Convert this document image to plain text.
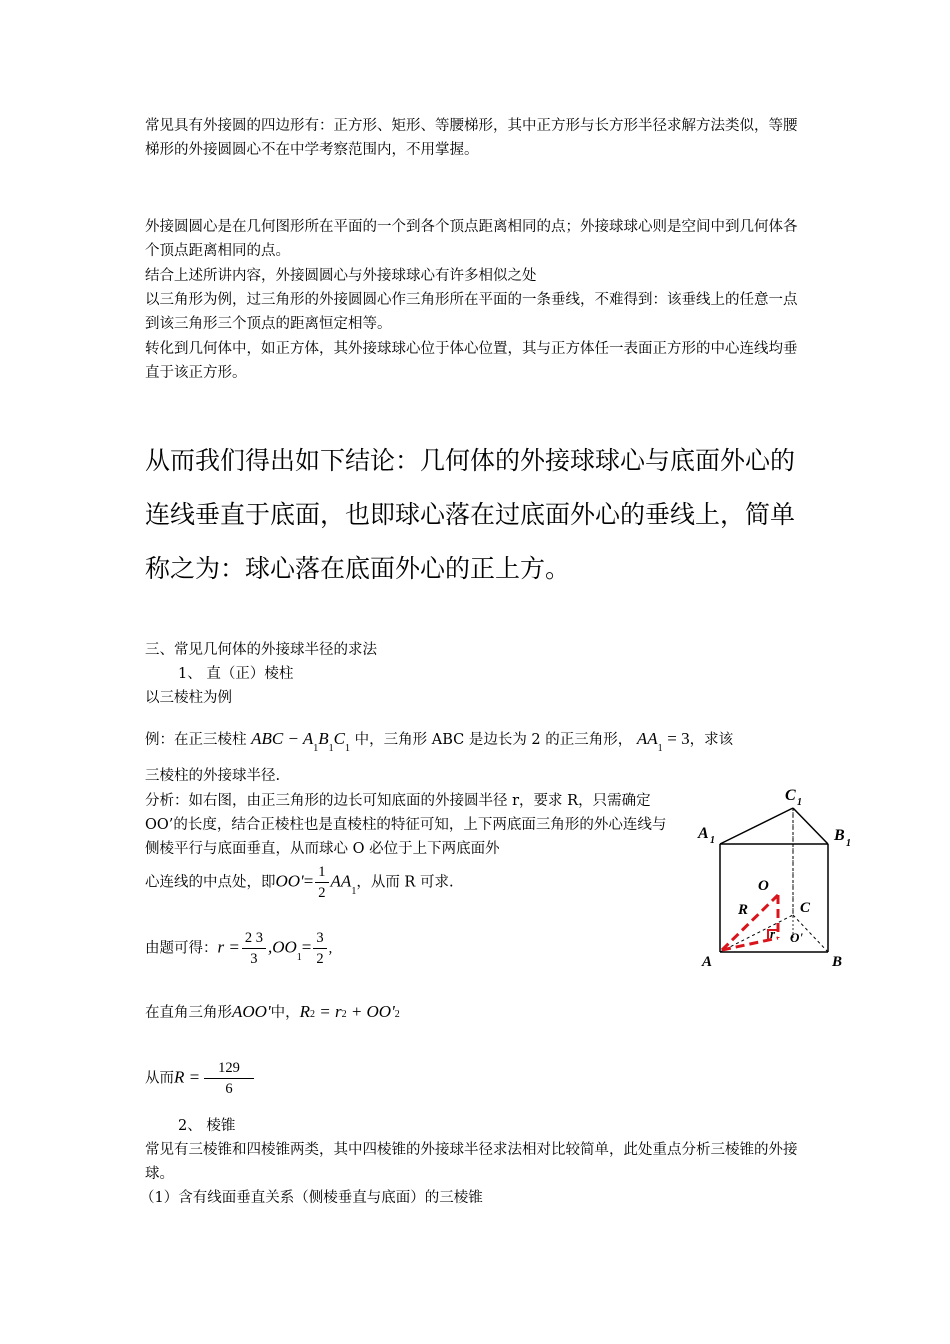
常见具有外接圆的四边形有：正方形、矩形、等腰梯形，其中正方形与长方形半径求解方法类似，等腰梯形的外接圆圆心不在中学考察范围内，不用掌握。

外接圆圆心是在几何图形所在平面的一个到各个顶点距离相同的点；外接球球心则是空间中到几何体各个顶点距离相同的点。

结合上述所讲内容，外接圆圆心与外接球球心有许多相似之处

以三角形为例，过三角形的外接圆圆心作三角形所在平面的一条垂线，不难得到：该垂线上的任意一点到该三角形三个顶点的距离恒定相等。

转化到几何体中，如正方体，其外接球球心位于体心位置，其与正方体任一表面正方形的中心连线均垂直于该正方形。

从而我们得出如下结论：几何体的外接球球心与底面外心的连线垂直于底面，也即球心落在过底面外心的垂线上，简单称之为：球心落在底面外心的正上方。

三、常见几何体的外接球半径的求法

1、 直（正）棱柱

以三棱柱为例

例：在正三棱柱 ABC − $A_1B_1C_1$ 中，三角形 ABC 是边长为 2 的正三角形， $AA_1 = 3$，求该

三棱柱的外接球半径.

分析：如右图，由正三角形的边长可知底面的外接圆半径 r，要求 R，只需确定 OO’的长度，结合正棱柱也是直棱柱的特征可知，上下两底面三角形的外心连线与侧棱平行与底面垂直，从而球心 O 必位于上下两底面外

心连线的中点处，即$OO'= \frac{1}{2} AA_1$，从而 R 可求.

由题可得：$r = \frac{2 3}{3} ,OO_1= \frac{3}{2}$ ,

在直角三角形AOO'中，R2 = r2 + OO'2

从而$R = \frac{129}{6}$

2、 棱锥

常见有三棱锥和四棱锥两类，其中四棱锥的外接球半径求法相对比较简单，此处重点分析三棱锥的外接球。

（1）含有线面垂直关系（侧棱垂直与底面）的三棱锥

C 1
A 1	B 1
O
R	C
r O'
A	B
